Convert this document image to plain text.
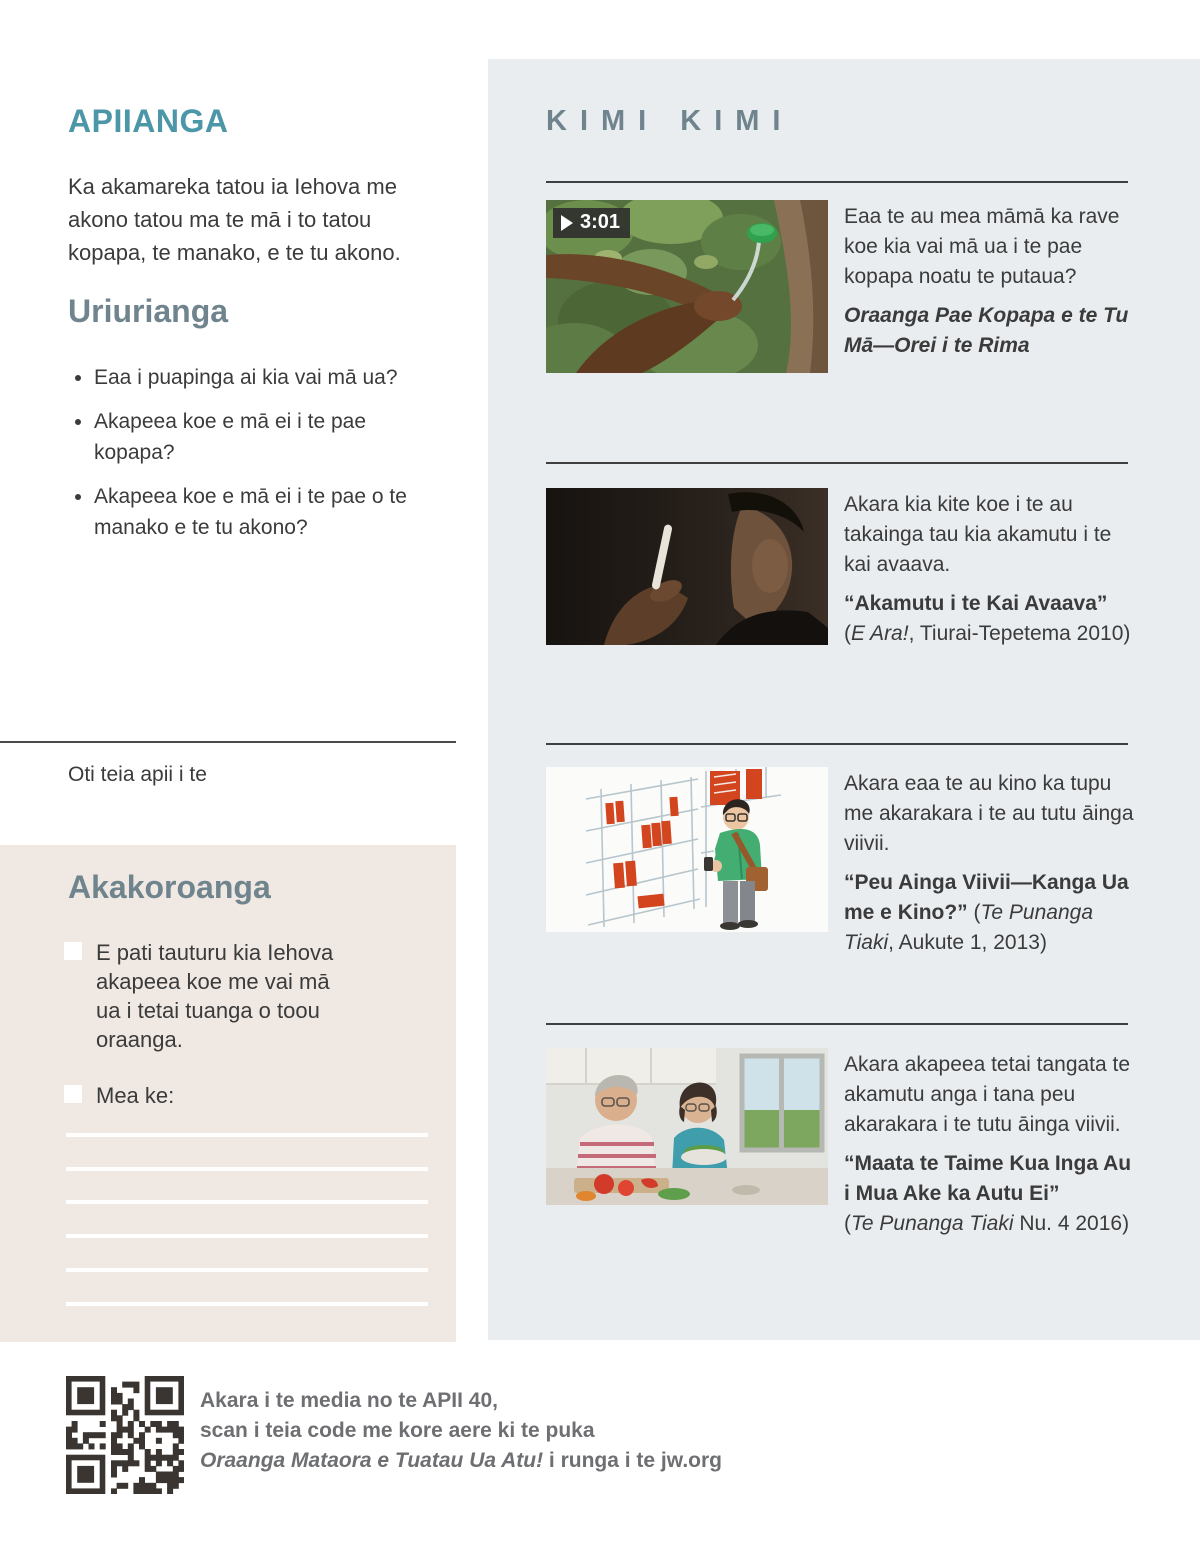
KIMI KIMI
3:01	Eaa te au mea māmā ka rave koe kia vai mā ua i te pae kopapa noatu te putaua?

Oraanga Pae Kopapa e te Tu Mā—Orei i te Rima

Akara kia kite koe i te au takainga tau kia akamutu i te kai avaava.

“Akamutu i te Kai Avaava”
(E Ara!, Tiurai-Tepetema 2010)

Akara eaa te au kino ka tupu me akarakara i te au tutu āinga viivii.

“Peu Ainga Viivii—Kanga Ua me e Kino?” (Te Punanga Tiaki, Aukute 1, 2013)

Akara akapeea tetai tangata te akamutu anga i tana peu akarakara i te tutu āinga viivii.

“Maata te Taime Kua Inga Au i Mua Ake ka Autu Ei”
(Te Punanga Tiaki Nu. 4 2016)

APIIANGA
Ka akamareka tatou ia Iehova me akono tatou ma te mā i to tatou kopapa, te manako, e te tu akono.
Uriurianga
• Eaa i puapinga ai kia vai mā ua?
• Akapeea koe e mā ei i te pae kopapa?
• Akapeea koe e mā ei i te pae o te manako e te tu akono?
Oti teia apii i te
Akakoroanga
E pati tauturu kia Iehova akapeea koe me vai mā ua i tetai tuanga o toou oraanga.
Mea ke:
Akara i te media no te APII 40,
scan i teia code me kore aere ki te puka
Oraanga Mataora e Tuatau Ua Atu! i runga i te jw.org
